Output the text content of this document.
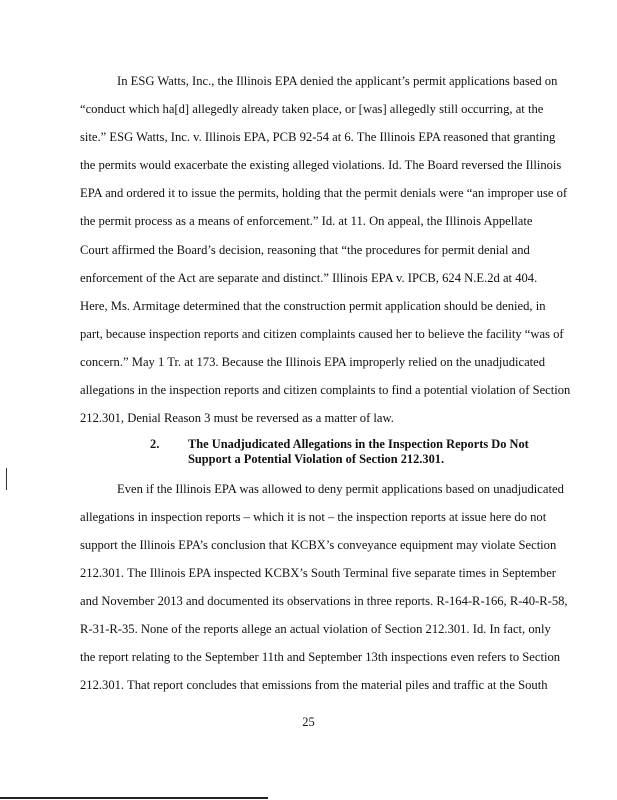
In ESG Watts, Inc., the Illinois EPA denied the applicant’s permit applications based on
“conduct which ha[d] allegedly already taken place, or [was] allegedly still occurring, at the
site.” ESG Watts, Inc. v. Illinois EPA, PCB 92-54 at 6. The Illinois EPA reasoned that granting
the permits would exacerbate the existing alleged violations. Id. The Board reversed the Illinois
EPA and ordered it to issue the permits, holding that the permit denials were “an improper use of
the permit process as a means of enforcement.” Id. at 11. On appeal, the Illinois Appellate
Court affirmed the Board’s decision, reasoning that “the procedures for permit denial and
enforcement of the Act are separate and distinct.” Illinois EPA v. IPCB, 624 N.E.2d at 404.
Here, Ms. Armitage determined that the construction permit application should be denied, in
part, because inspection reports and citizen complaints caused her to believe the facility “was of
concern.” May 1 Tr. at 173. Because the Illinois EPA improperly relied on the unadjudicated
allegations in the inspection reports and citizen complaints to find a potential violation of Section
212.301, Denial Reason 3 must be reversed as a matter of law.
2. The Unadjudicated Allegations in the Inspection Reports Do Not
Support a Potential Violation of Section 212.301.
Even if the Illinois EPA was allowed to deny permit applications based on unadjudicated
allegations in inspection reports – which it is not – the inspection reports at issue here do not
support the Illinois EPA’s conclusion that KCBX’s conveyance equipment may violate Section
212.301. The Illinois EPA inspected KCBX’s South Terminal five separate times in September
and November 2013 and documented its observations in three reports. R-164-R-166, R-40-R-58,
R-31-R-35. None of the reports allege an actual violation of Section 212.301. Id. In fact, only
the report relating to the September 11th and September 13th inspections even refers to Section
212.301. That report concludes that emissions from the material piles and traffic at the South
25
